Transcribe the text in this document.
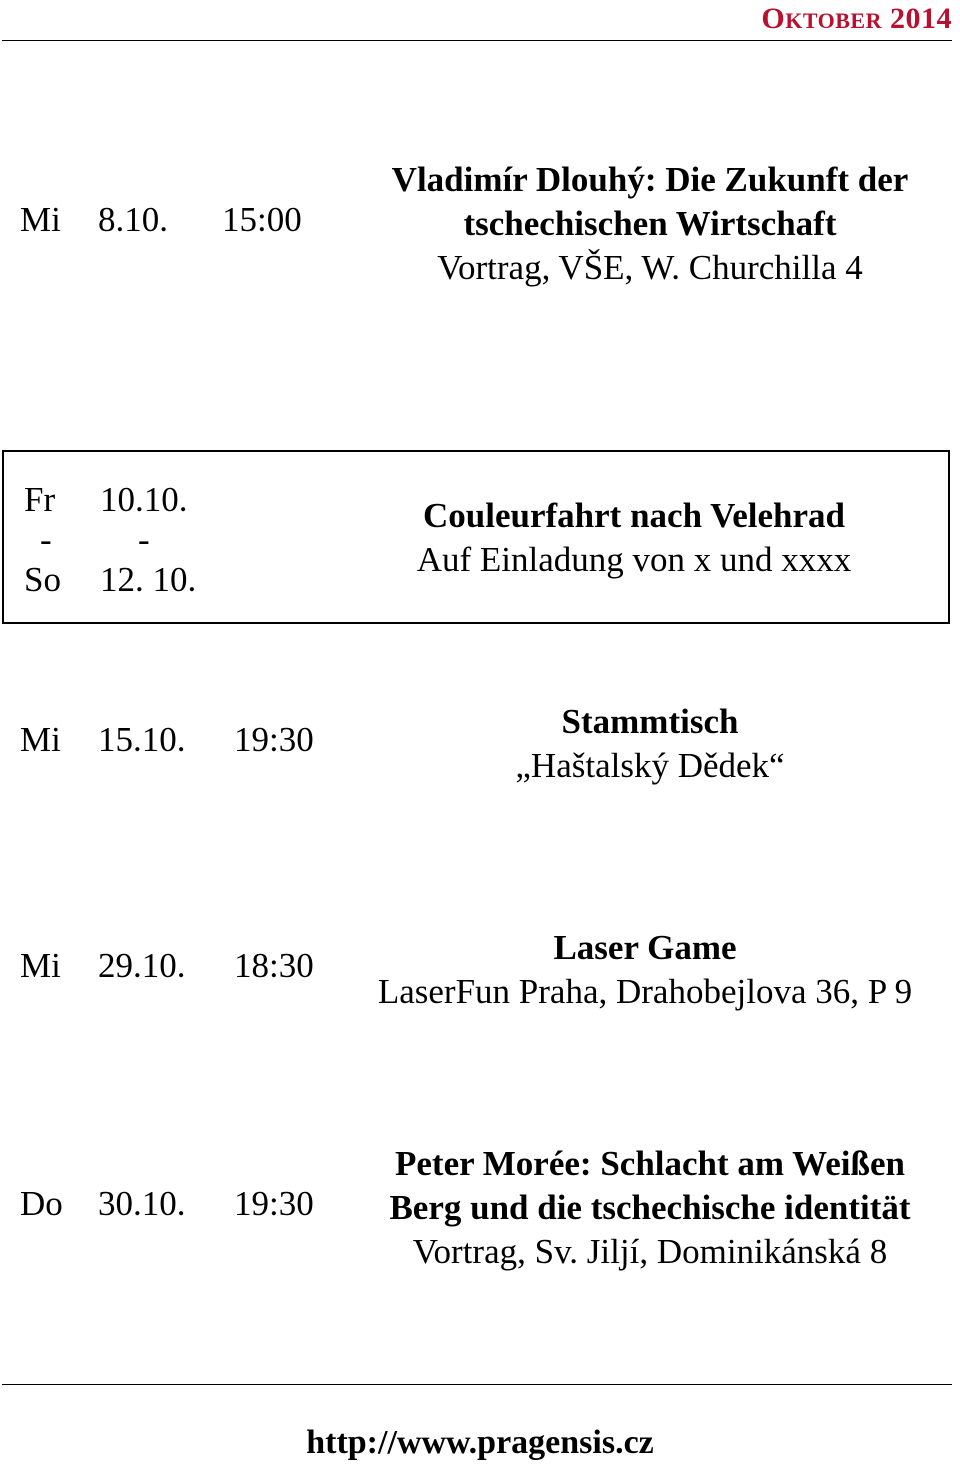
OKTOBER 2014
Mi 8.10. 15:00
Vladimír Dlouhý: Die Zukunft der
tschechischen Wirtschaft
Vortrag, VŠE, W. Churchilla 4
Fr 10.10.
- -
So 12. 10.
Couleurfahrt nach Velehrad
Auf Einladung von x und xxxx
Mi 15.10. 19:30	Stammtisch
„Haštalský Dědek“
Mi 29.10. 18:30	Laser Game
LaserFun Praha, Drahobejlova 36, P 9
Do 30.10. 19:30
Peter Morée: Schlacht am Weißen
Berg und die tschechische identität
Vortrag, Sv. Jiljí, Dominikánská 8
http://www.pragensis.cz
